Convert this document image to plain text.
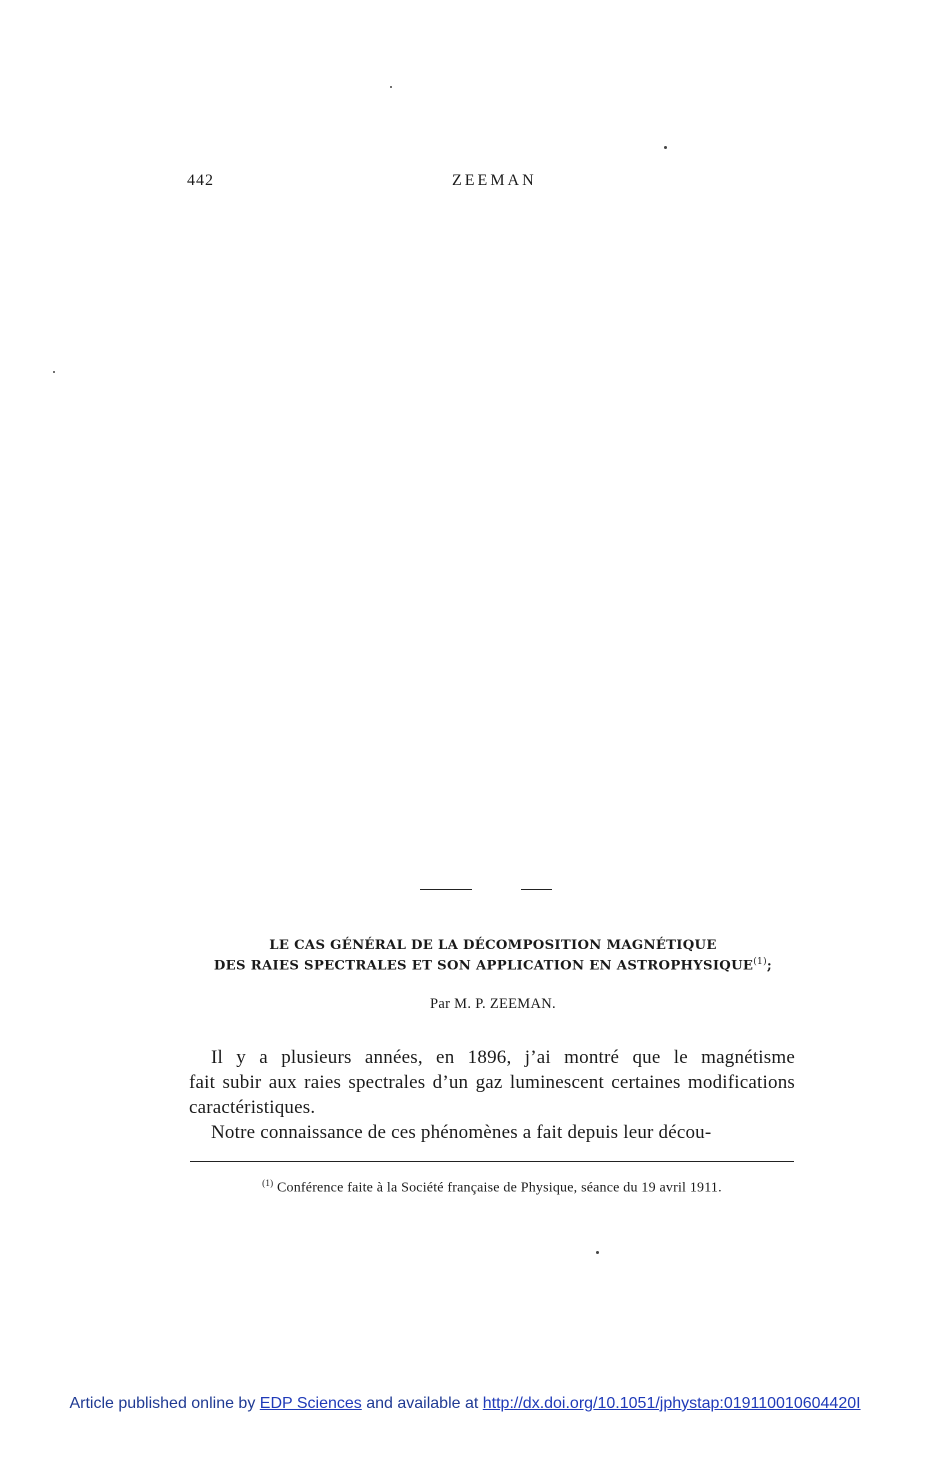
442	ZEEMAN
LE CAS GÉNÉRAL DE LA DÉCOMPOSITION MAGNÉTIQUE
DES RAIES SPECTRALES ET SON APPLICATION EN ASTROPHYSIQUE$^{(1)}$;
Par M. P. ZEEMAN.

Il y a plusieurs années, en 1896, j’ai montré que le magnétisme

fait subir aux raies spectrales d’un gaz luminescent certaines modifications caractéristiques.

Notre connaissance de ces phénomènes a fait depuis leur décou-

$^{(1)}$ Conférence faite à la Société française de Physique, séance du 19 avril 1911.
Article published online by EDP Sciences and available at http://dx.doi.org/10.1051/jphystap:019110010604420I
